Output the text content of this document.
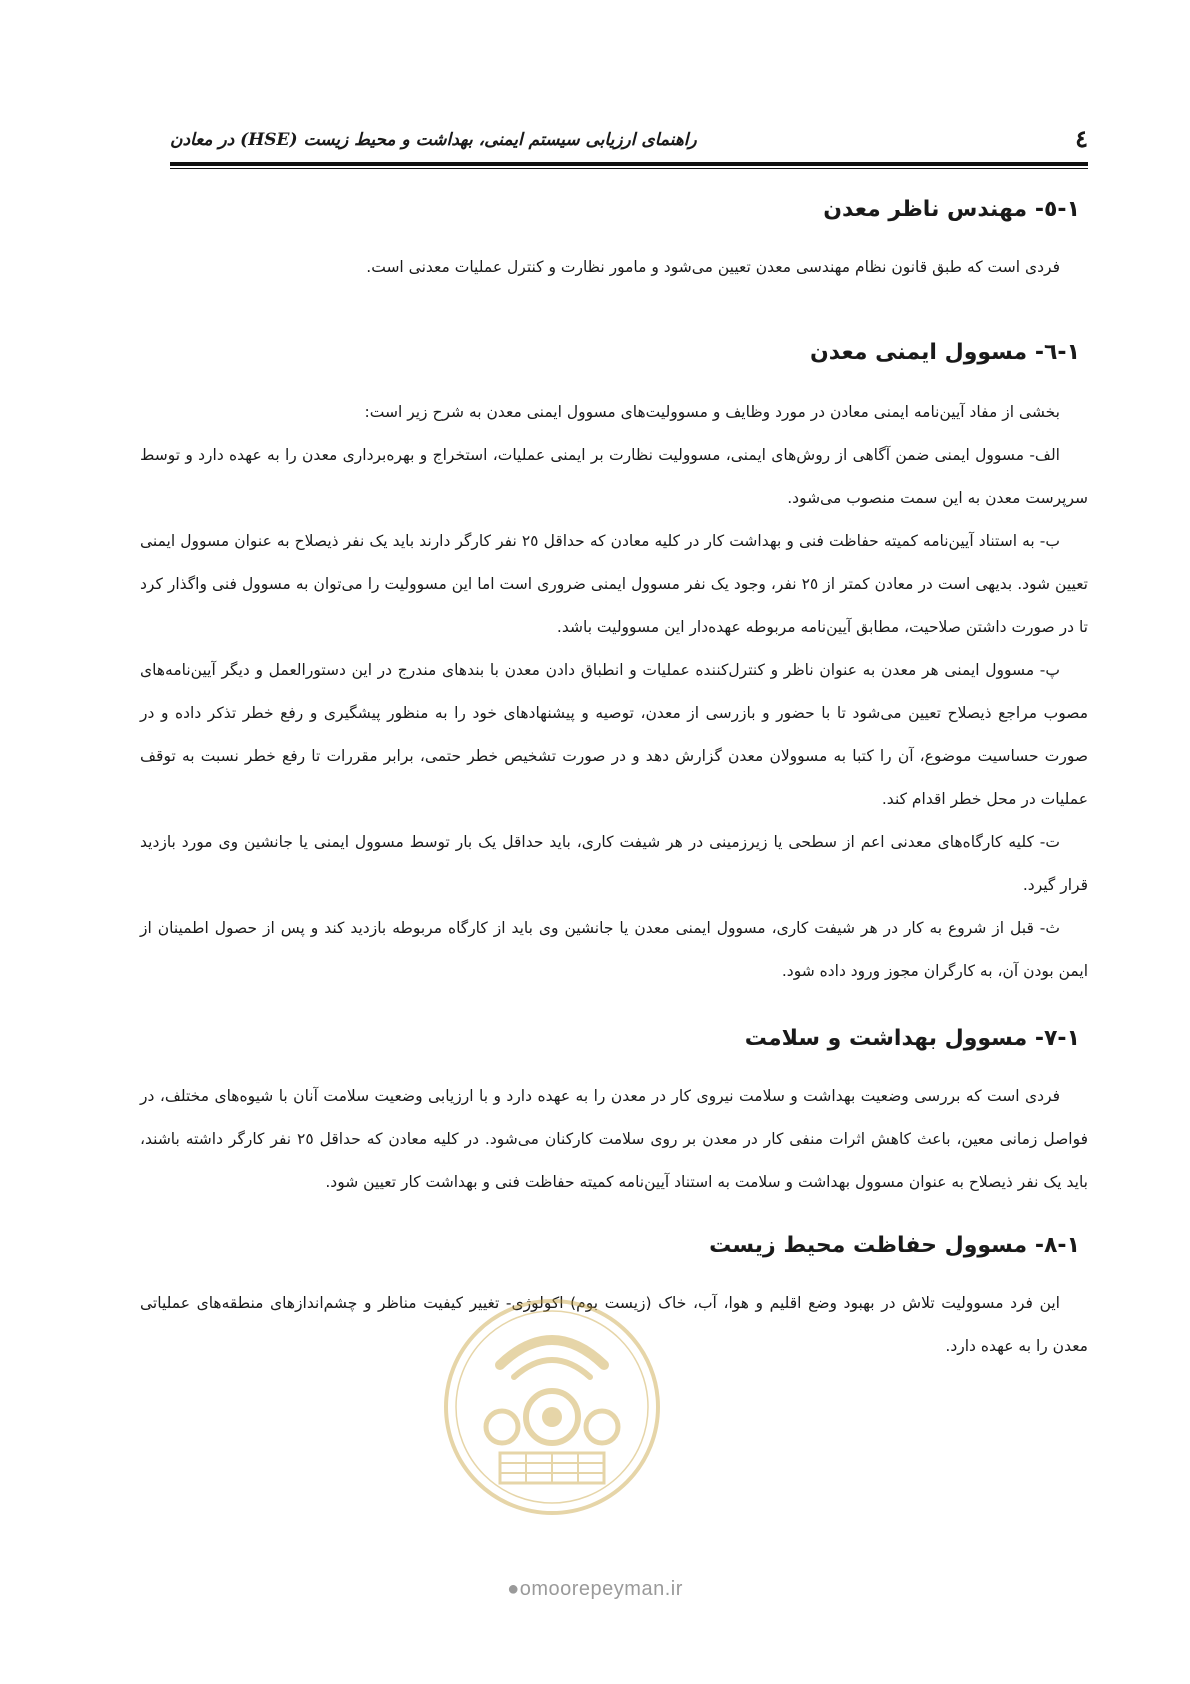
راهنمای ارزیابی سیستم ایمنی، بهداشت و محیط زیست (HSE) در معادن	٤
١-٥- مهندس ناظر معدن

فردی است که طبق قانون نظام مهندسی معدن تعیین می‌شود و مامور نظارت و کنترل عملیات معدنی است.

١-٦- مسوول ایمنی معدن

بخشی از مفاد آیین‌نامه ایمنی معادن در مورد وظایف و مسوولیت‌های مسوول ایمنی معدن به شرح زیر است:

الف- مسوول ایمنی ضمن آگاهی از روش‌های ایمنی، مسوولیت نظارت بر ایمنی عملیات، استخراج و بهره‌برداری معدن را به عهده دارد و توسط سرپرست معدن به این سمت منصوب می‌شود.

ب- به استناد آیین‌نامه کمیته حفاظت فنی و بهداشت کار در کلیه معادن که حداقل ٢٥ نفر کارگر دارند باید یک نفر ذیصلاح به عنوان مسوول ایمنی تعیین شود. بدیهی است در معادن کمتر از ٢٥ نفر، وجود یک نفر مسوول ایمنی ضروری است اما این مسوولیت را می‌توان به مسوول فنی واگذار کرد تا در صورت داشتن صلاحیت، مطابق آیین‌نامه مربوطه عهده‌دار این مسوولیت باشد.

پ- مسوول ایمنی هر معدن به عنوان ناظر و کنترل‌کننده عملیات و انطباق دادن معدن با بندهای مندرج در این دستورالعمل و دیگر آیین‌نامه‌های مصوب مراجع ذیصلاح تعیین می‌شود تا با حضور و بازرسی از معدن، توصیه و پیشنهادهای خود را به منظور پیشگیری و رفع خطر تذکر داده و در صورت حساسیت موضوع، آن را کتبا به مسوولان معدن گزارش دهد و در صورت تشخیص خطر حتمی، برابر مقررات تا رفع خطر نسبت به توقف عملیات در محل خطر اقدام کند.

ت- کلیه کارگاه‌های معدنی اعم از سطحی یا زیرزمینی در هر شیفت کاری، باید حداقل یک بار توسط مسوول ایمنی یا جانشین وی مورد بازدید قرار گیرد.

ث- قبل از شروع به کار در هر شیفت کاری، مسوول ایمنی معدن یا جانشین وی باید از کارگاه مربوطه بازدید کند و پس از حصول اطمینان از ایمن بودن آن، به کارگران مجوز ورود داده شود.

١-٧- مسوول بهداشت و سلامت

فردی است که بررسی وضعیت بهداشت و سلامت نیروی کار در معدن را به عهده دارد و با ارزیابی وضعیت سلامت آنان با شیوه‌های مختلف، در فواصل زمانی معین، باعث کاهش اثرات منفی کار در معدن بر روی سلامت کارکنان می‌شود. در کلیه معادن که حداقل ٢٥ نفر کارگر داشته باشند، باید یک نفر ذیصلاح به عنوان مسوول بهداشت و سلامت به استناد آیین‌نامه کمیته حفاظت فنی و بهداشت کار تعیین شود.

١-٨- مسوول حفاظت محیط زیست

این فرد مسوولیت تلاش در بهبود وضع اقلیم و هوا، آب، خاک (زیست بوم) اکولوژی- تغییر کیفیت مناظر و چشم‌اندازهای منطقه‌های عملیاتی معدن را به عهده دارد.

●omoorepeyman.ir
